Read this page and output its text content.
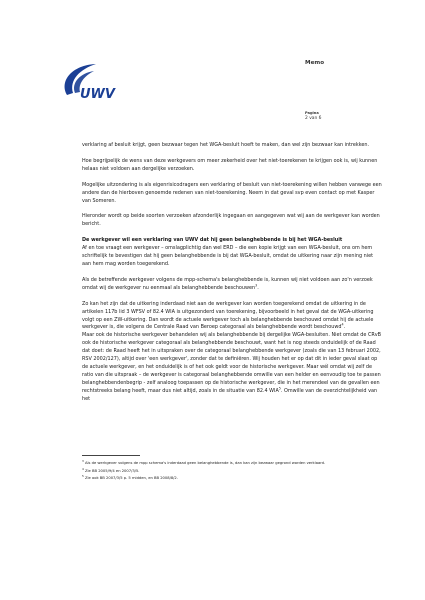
UWV
Memo
Pagina
2 van 6

verklaring af besluit krijgt, geen bezwaar tegen het WGA-besluit hoeft te maken, dan wel zijn bezwaar kan intrekken.

Hoe begrijpelijk de wens van deze werkgevers om meer zekerheid over het niet-toerekenen te krijgen ook is, wij kunnen helaas niet voldoen aan dergelijke verzoeken.

Mogelijke uitzondering is als eigenrisicodragers een verklaring of besluit van niet-toerekening willen hebben vanwege een andere dan de hierboven genoemde redenen van niet-toerekening. Neem in dat geval svp even contact op met Kasper van Someren.

Hieronder wordt op beide soorten verzoeken afzonderlijk ingegaan en aangegeven wat wij aan de werkgever kan worden bericht.

De werkgever wil een verklaring van UWV dat hij geen belanghebbende is bij het WGA-besluit

Af en toe vraagt een werkgever – omslagplichtig dan wel ERD – die een kopie krijgt van een WGA-besluit, ons om hem schriftelijk te bevestigen dat hij geen belanghebbende is bij dat WGA-besluit, omdat de uitkering naar zijn mening niet aan hem mag worden toegerekend.

Als de betreffende werkgever volgens de mpp-schema's belanghebbende is, kunnen wij niet voldoen aan zo'n verzoek omdat wij de werkgever nu eenmaal als belanghebbende beschouwen$^3$.

Zo kan het zijn dat de uitkering inderdaad niet aan de werkgever kan worden toegerekend omdat de uitkering in de artikelen 117b lid 3 WFSV of 82.4 WIA is uitgezonderd van toerekening, bijvoorbeeld in het geval dat de WGA-uitkering volgt op een ZW-uitkering. Dan wordt de actuele werkgever toch als belanghebbende beschouwd omdat hij de actuele werkgever is, die volgens de Centrale Raad van Beroep categoraal als belanghebbende wordt beschouwd$^4$.

Maar ook de historische werkgever behandelen wij als belanghebbende bij dergelijke WGA-besluiten. Niet omdat de CRvB ook de historische werkgever categoraal als belanghebbende beschouwt, want het is nog steeds onduidelijk of de Raad dat doet: de Raad heeft het in uitspraken over de categoraal belanghebbende werkgever (zoals die van 13 februari 2002, RSV 2002/127), altijd over 'een werkgever', zonder dat te definiëren. Wij houden het er op dat dit in ieder geval slaat op de actuele werkgever, en het onduidelijk is of het ook geldt voor de historische werkgever. Maar wél omdat wij zelf de ratio van die uitspraak – de werkgever is categoraal belanghebbende omwille van een helder en eenvoudig toe te passen belanghebbendenbegrip - zelf analoog toepassen op de historische werkgever, die in het merendeel van de gevallen een rechtstreeks belang heeft, maar dus niet altijd, zoals in de situatie van 82.4 WIA$^5$. Omwille van de overzichtelijkheid van het

$^3$ Als de werkgever volgens de mpp schema's inderdaad geen belanghebbende is, dan kan zijn bezwaar gegrond worden verklaard.
$^4$ Zie BB 2005/9/4 en 2007/3/5.
$^5$ Zie ook BB 2007/3/5 p. 5 midden, en BB 2008/8/2.
